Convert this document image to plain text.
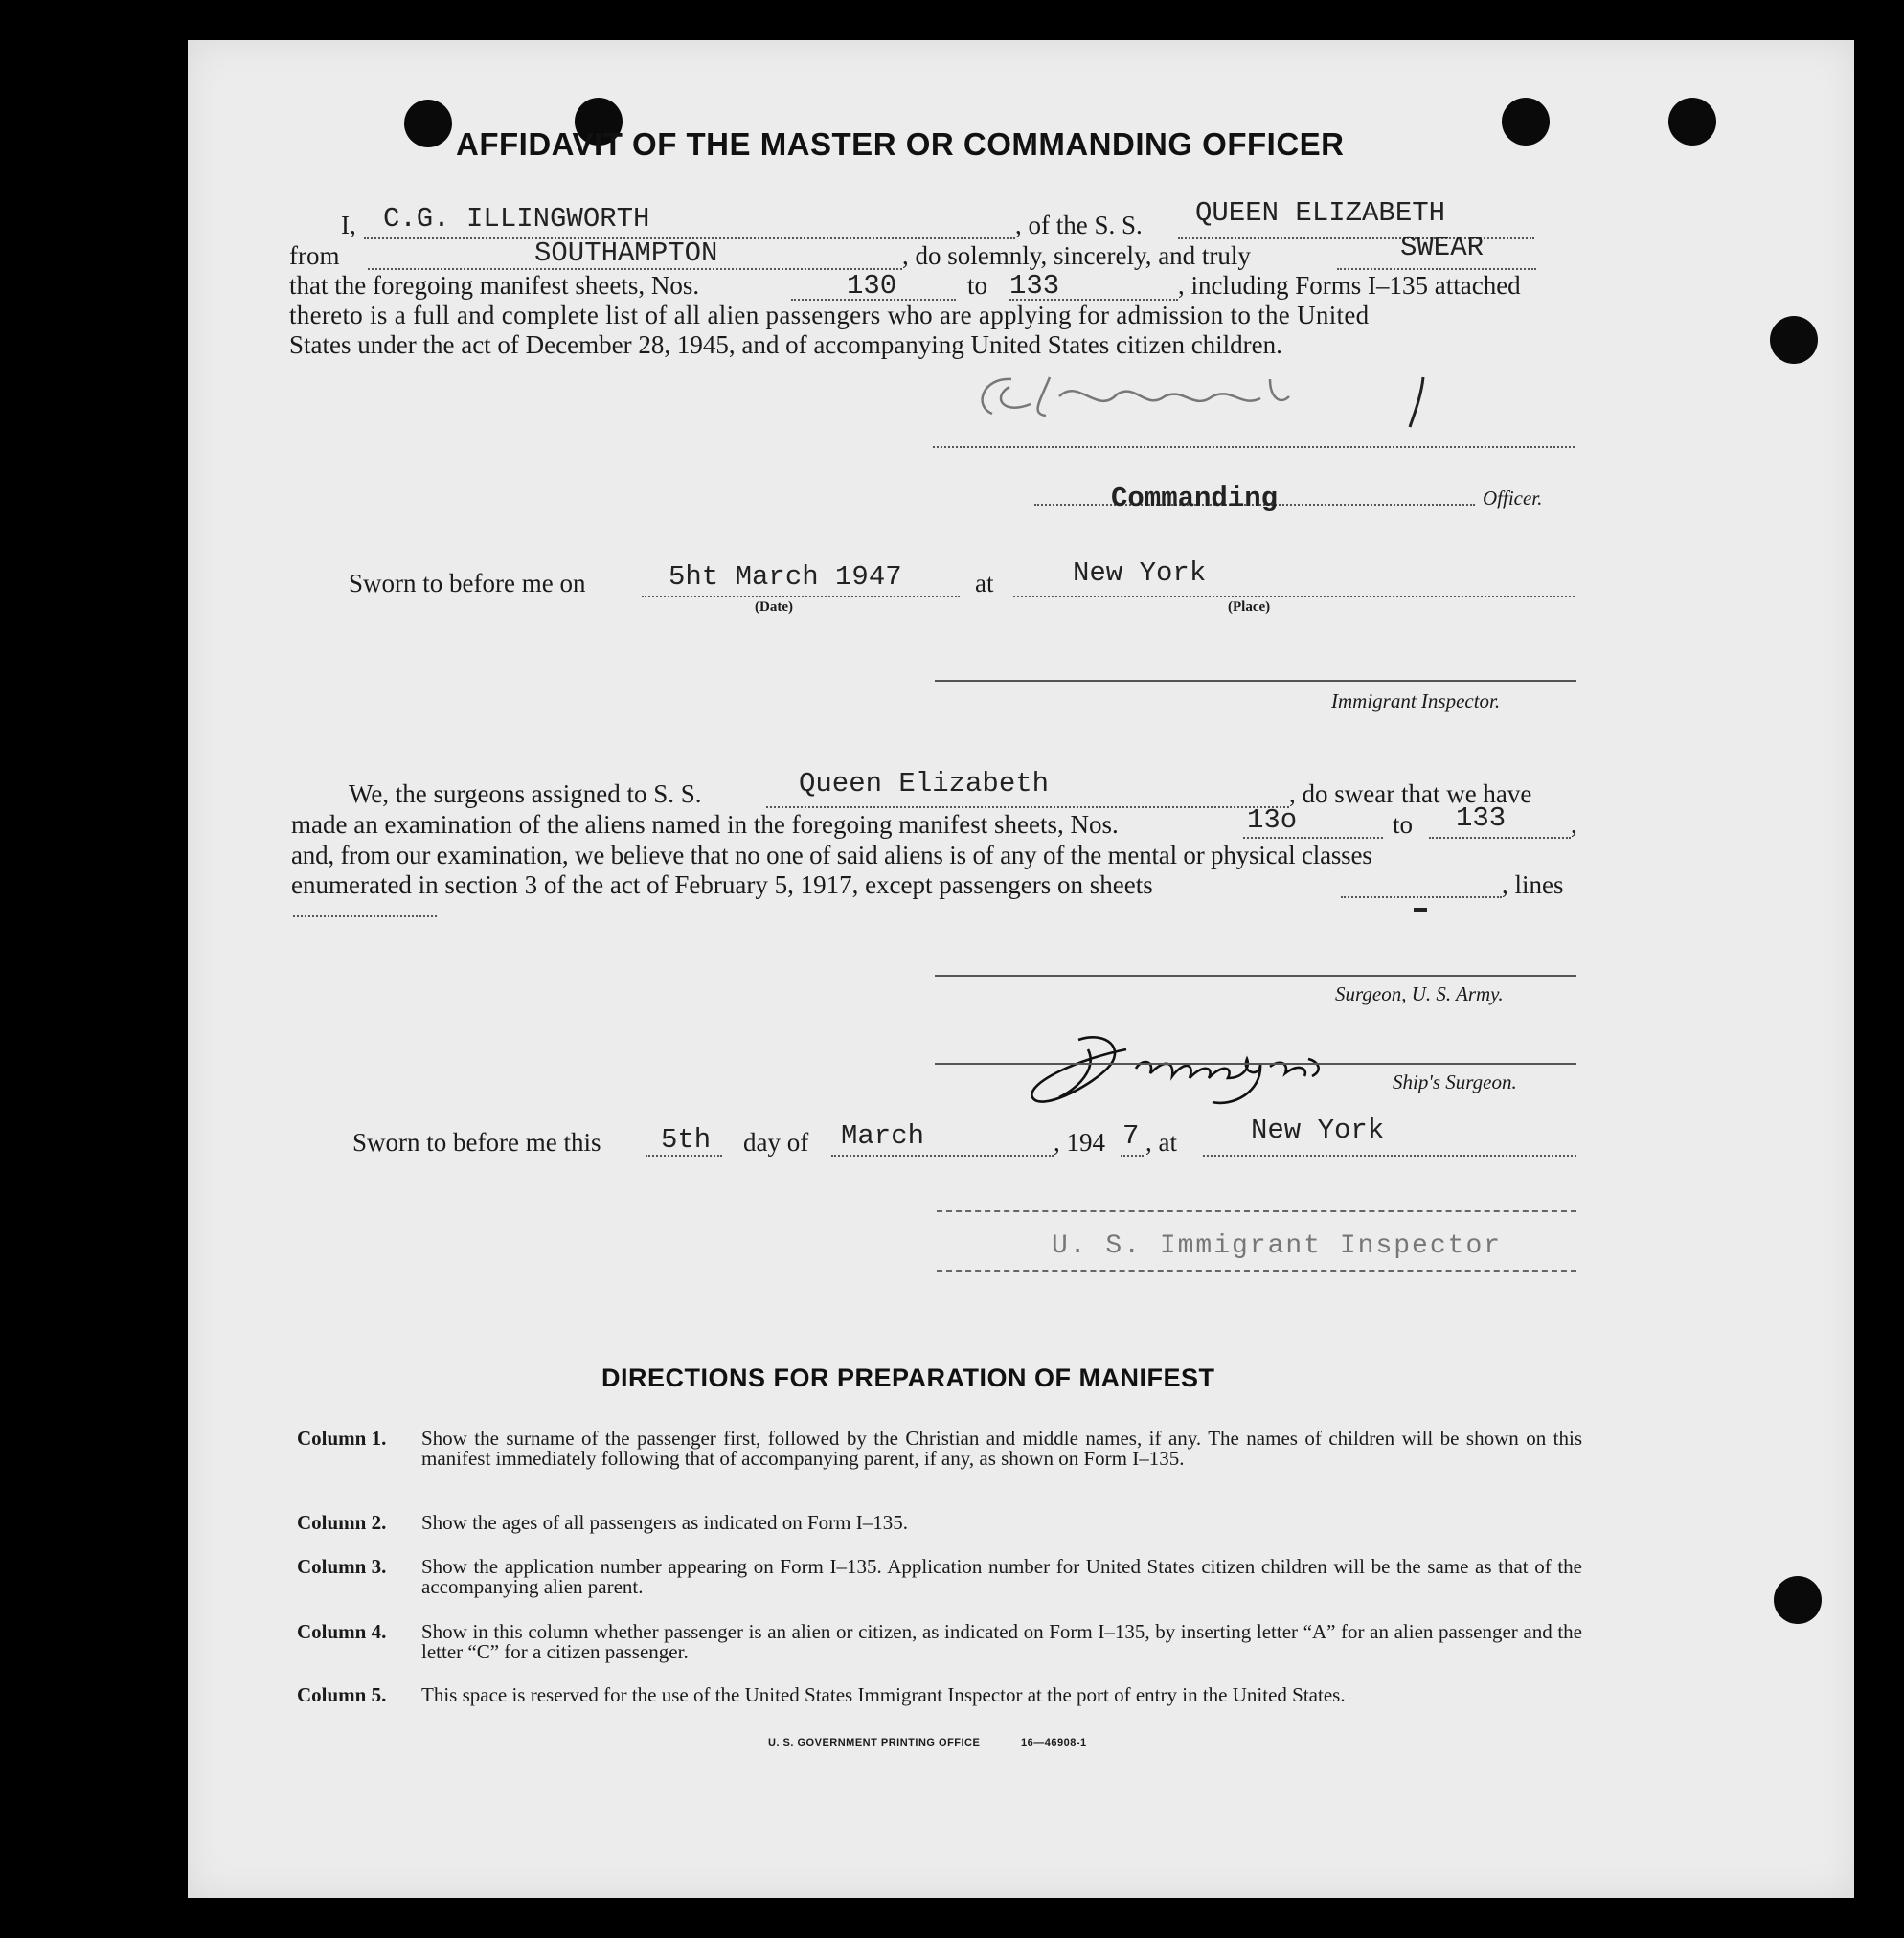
AFFIDAVIT OF THE MASTER OR COMMANDING OFFICER
I, C.G. ILLINGWORTH	, of the S. S. QUEEN ELIZABETH
from	SOUTHAMPTON	, do solemnly, sincerely, and truly	SWEAR
that the foregoing manifest sheets, Nos.	130	to 133	, including Forms I–135 attached
thereto is a full and complete list of all alien passengers who are applying for admission to the United
States under the act of December 28, 1945, and of accompanying United States citizen children.
Commanding	Officer.
Sworn to before me on	5ht March 1947
(Date)
at	New York
(Place)
Immigrant Inspector.
We, the surgeons assigned to S. S.	Queen Elizabeth	, do swear that we have
made an examination of the aliens named in the foregoing manifest sheets, Nos.	13o	to 133	,
and, from our examination, we believe that no one of said aliens is of any of the mental or physical classes
enumerated in section 3 of the act of February 5, 1917, except passengers on sheets	, lines
Surgeon, U. S. Army.
Ship's Surgeon.
Sworn to before me this 5th day of March	, 194 7 , at	New York
U. S. Immigrant Inspector
DIRECTIONS FOR PREPARATION OF MANIFEST
Column 1. Show the surname of the passenger first, followed by the Christian and middle names, if any. The names of children will be shown on this manifest immediately following that of accompanying parent, if any, as shown on Form I–135.
Column 2. Show the ages of all passengers as indicated on Form I–135.
Column 3. Show the application number appearing on Form I–135. Application number for United States citizen children will be the same as that of the accompanying alien parent.
Column 4. Show in this column whether passenger is an alien or citizen, as indicated on Form I–135, by inserting letter “A” for an alien passenger and the letter “C” for a citizen passenger.
Column 5. This space is reserved for the use of the United States Immigrant Inspector at the port of entry in the United States.
U. S. GOVERNMENT PRINTING OFFICE	16—46908-1
